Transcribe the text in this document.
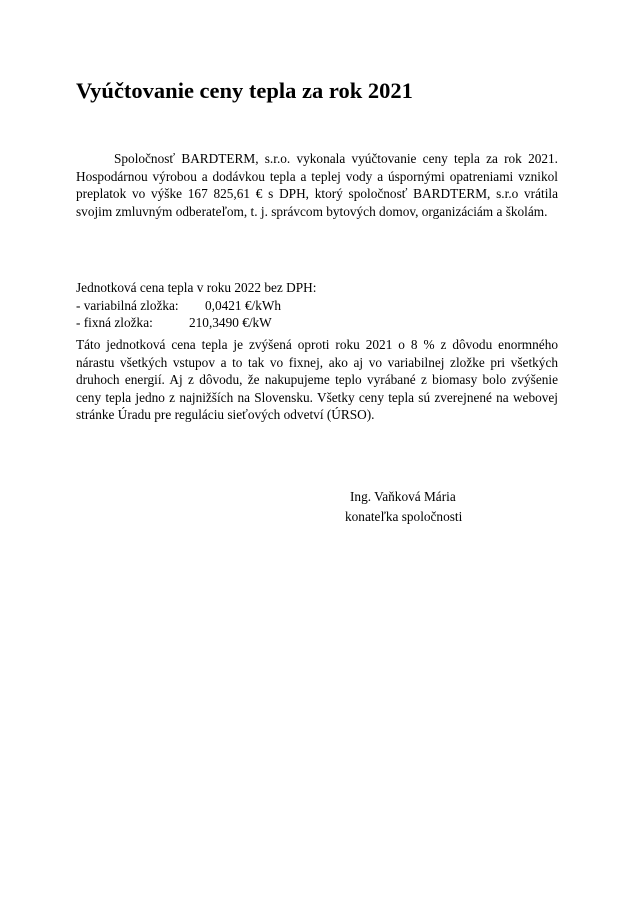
Vyúčtovanie ceny tepla za rok 2021

Spoločnosť BARDTERM, s.r.o. vykonala vyúčtovanie ceny tepla za rok 2021. Hospodárnou výrobou a dodávkou tepla a teplej vody a úspornými opatreniami vznikol preplatok vo výške 167 825,61 € s DPH, ktorý spoločnosť BARDTERM, s.r.o vrátila svojim zmluvným odberateľom, t. j. správcom bytových domov, organizáciám a školám.

Jednotková cena tepla v roku 2022 bez DPH:
- variabilná zložka: 0,0421 €/kWh
- fixná zložka:	210,3490 €/kW

Táto jednotková cena tepla je zvýšená oproti roku 2021 o 8 % z dôvodu enormného nárastu všetkých vstupov a to tak vo fixnej, ako aj vo variabilnej zložke pri všetkých druhoch energií. Aj z dôvodu, že nakupujeme teplo vyrábané z biomasy bolo zvýšenie ceny tepla jedno z najnižších na Slovensku. Všetky ceny tepla sú zverejnené na webovej stránke Úradu pre reguláciu sieťových odvetví (ÚRSO).

Ing. Vaňková Mária
konateľka spoločnosti
